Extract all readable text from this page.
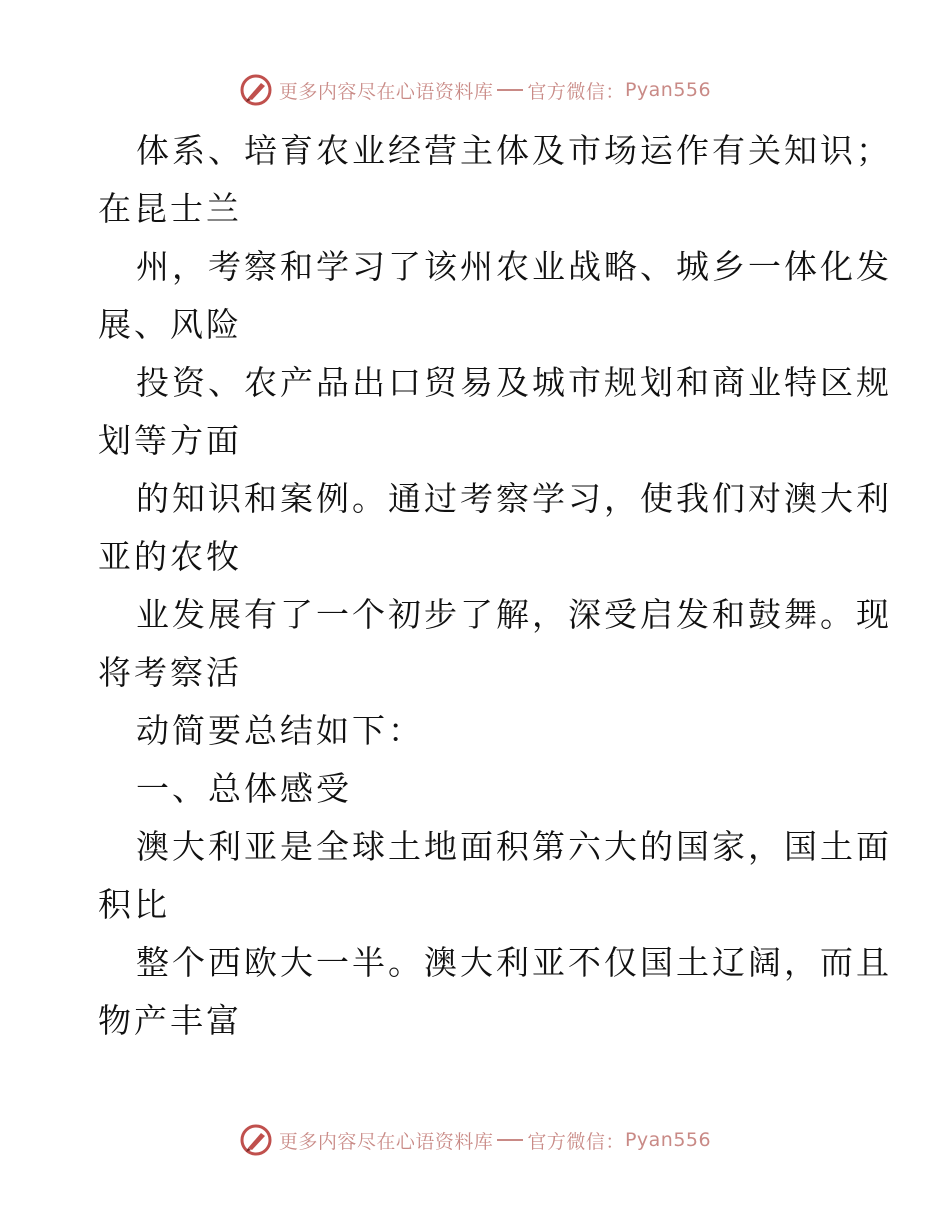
更多内容尽在心语资料库 官方微信： Pyan556
体系、培育农业经营主体及市场运作有关知识；
在昆士兰
州，考察和学习了该州农业战略、城乡一体化发
展、风险
投资、农产品出口贸易及城市规划和商业特区规
划等方面
的知识和案例。通过考察学习，使我们对澳大利
亚的农牧
业发展有了一个初步了解，深受启发和鼓舞。现
将考察活
动简要总结如下：
一、总体感受
澳大利亚是全球土地面积第六大的国家，国土面
积比
整个西欧大一半。澳大利亚不仅国土辽阔，而且
物产丰富
更多内容尽在心语资料库 官方微信： Pyan556
